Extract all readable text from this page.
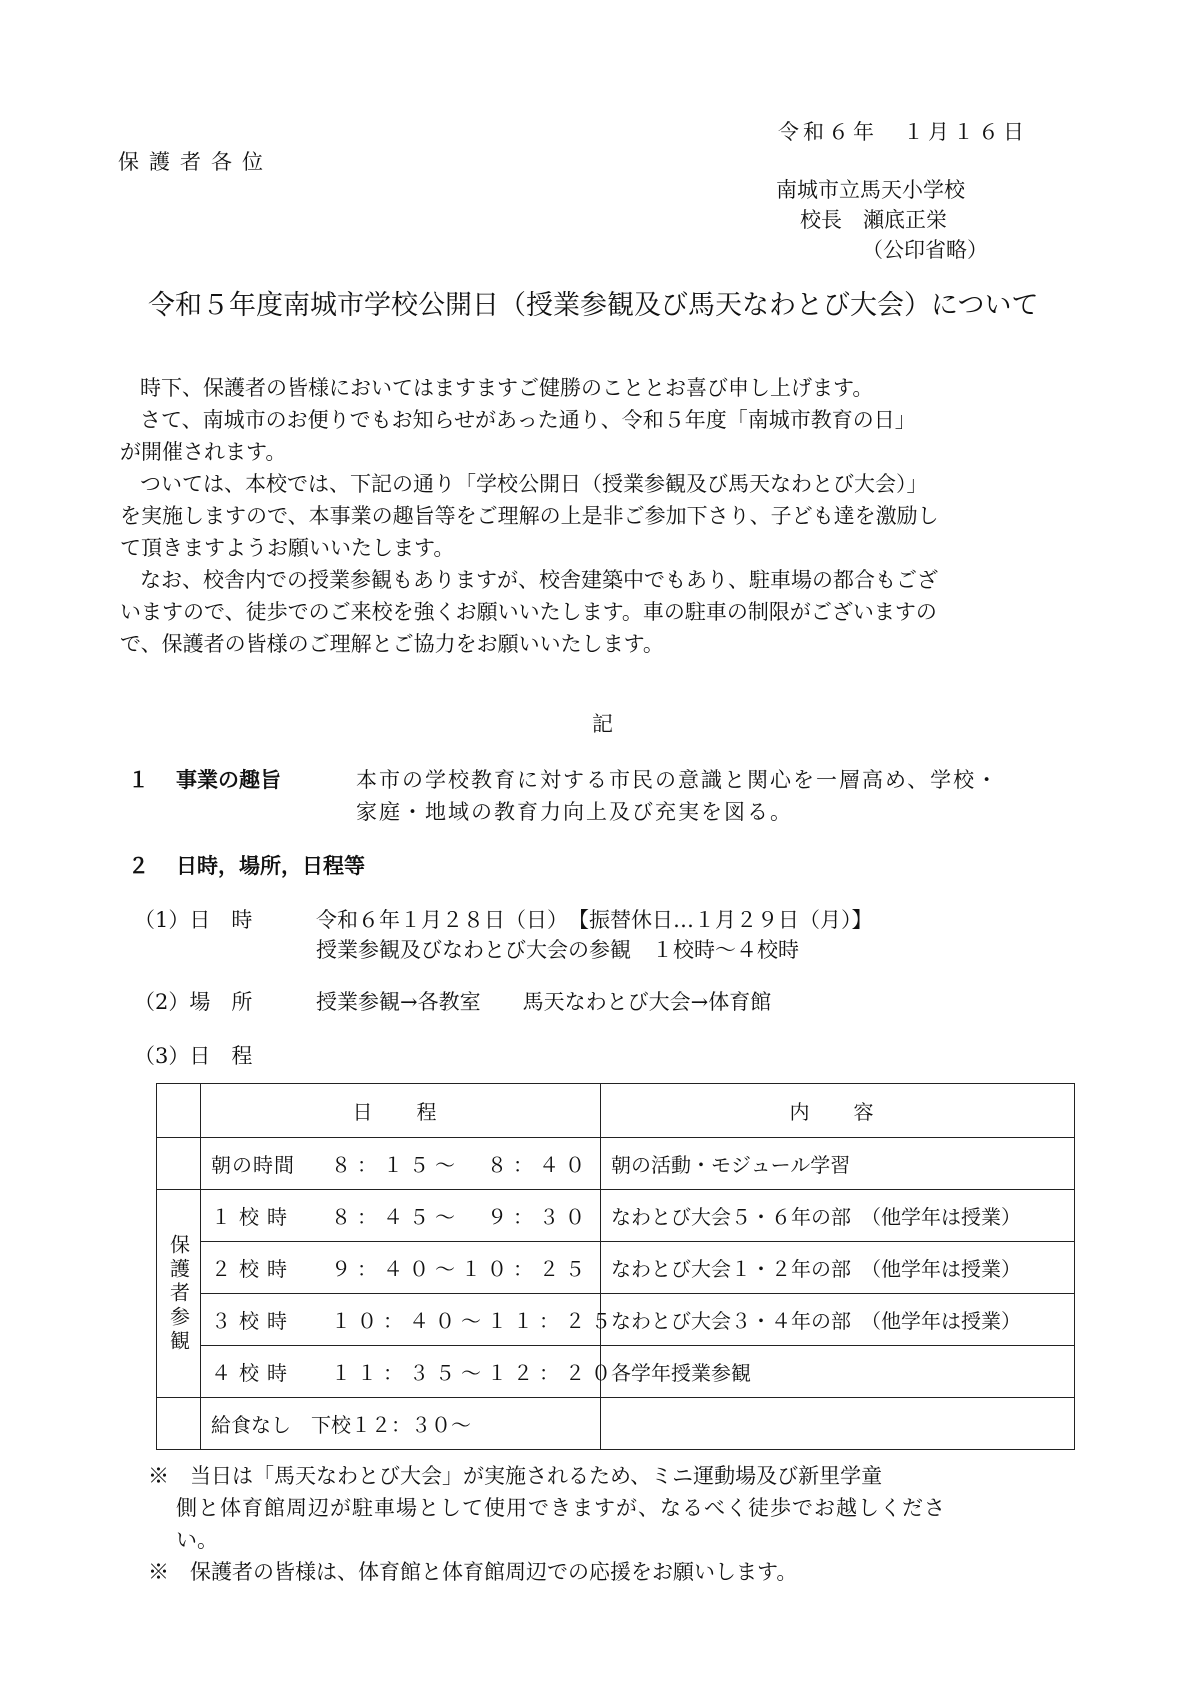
令和６年　１月１６日
保護者各位
南城市立馬天小学校
校長　瀬底正栄
（公印省略）
令和５年度南城市学校公開日（授業参観及び馬天なわとび大会）について
時下、保護者の皆様においてはますますご健勝のこととお喜び申し上げます。
さて、南城市のお便りでもお知らせがあった通り、令和５年度「南城市教育の日」
が開催されます。
ついては、本校では、下記の通り「学校公開日（授業参観及び馬天なわとび大会）」
を実施しますので、本事業の趣旨等をご理解の上是非ご参加下さり、子ども達を激励し
て頂きますようお願いいたします。
なお、校舎内での授業参観もありますが、校舎建築中でもあり、駐車場の都合もござ
いますので、徒歩でのご来校を強くお願いいたします。車の駐車の制限がございますの
で、保護者の皆様のご理解とご協力をお願いいたします。
記
１ 事業の趣旨	本市の学校教育に対する市民の意識と関心を一層高め、学校・
家庭・地域の教育力向上及び充実を図る。
２ 日時，場所，日程等
（1）日　時	令和６年１月２８日（日）　【振替休日…１月２９日（月）】
授業参観及びなわとび大会の参観　１校時～４校時
（2）場　所	授業参観→各教室　　馬天なわとび大会→体育館
（3）日　程
	日　程	内　容
	朝の時間 ８：１５～　８：４０	朝の活動・モジュール学習

保護者参観	１校時 ８：４５～　９：３０	なわとび大会５・６年の部　（他学年は授業）
	２校時 ９：４０～１０：２５	なわとび大会１・２年の部　（他学年は授業）
	３校時 １０：４０～１１：２５	なわとび大会３・４年の部　（他学年は授業）
	４校時 １１：３５～１２：２０	各学年授業参観
	給食なし　下校１２：３０～	
※　当日は「馬天なわとび大会」が実施されるため、ミニ運動場及び新里学童
側と体育館周辺が駐車場として使用できますが、なるべく徒歩でお越しくださ
い。
※　保護者の皆様は、体育館と体育館周辺での応援をお願いします。
